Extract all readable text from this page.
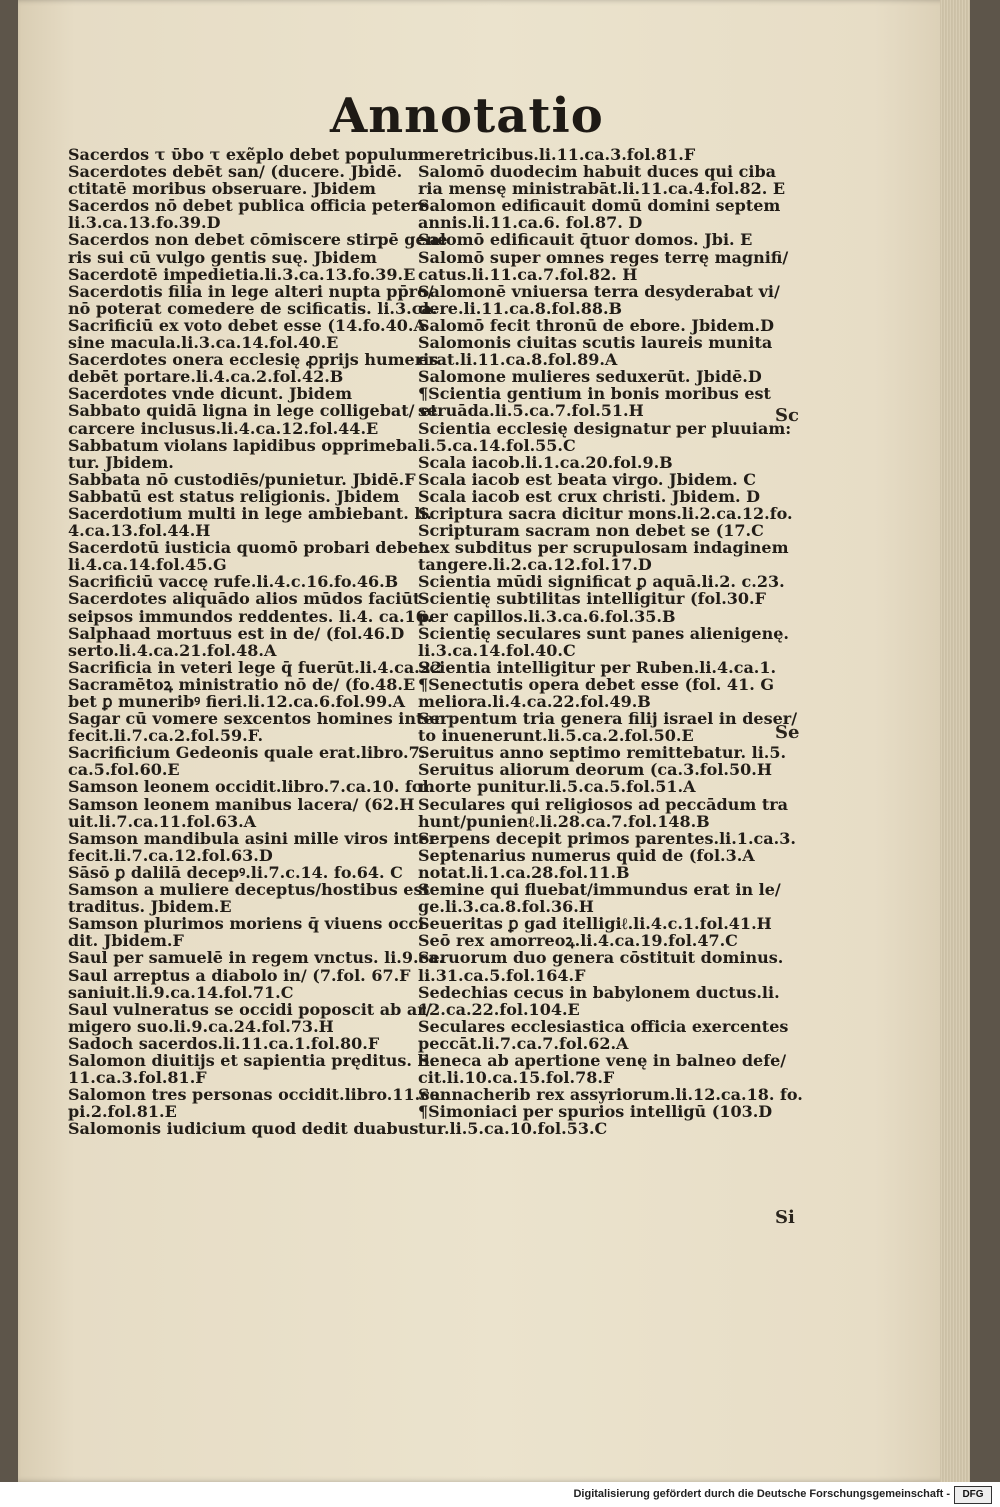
Annotatio
Sacerdos τ ῡbo τ exẽplo debet populum
Sacerdotes debēt san/ (ducere. Jbidē.
ctitatē moribus obseruare. Jbidem
Sacerdos nō debet publica officia petere.
li.3.ca.13.fo.39.D
Sacerdos non debet cōmiscere stirpē gene
ris sui cū vulgo gentis suę. Jbidem
Sacerdotē impedietia.li.3.ca.13.fo.39.E
Sacerdotis filia in lege alteri nupta pp̄ro/
nō poterat comedere de scificatis. li.3.ca.
Sacrificiū ex voto debet esse (14.fo.40.A
sine macula.li.3.ca.14.fol.40.E
Sacerdotes onera ecclesię ꝓprijs humeris
debēt portare.li.4.ca.2.fol.42.B
Sacerdotes vnde dicunt. Jbidem
Sabbato quidā ligna in lege colligebat/ et
carcere inclusus.li.4.ca.12.fol.44.E
Sabbatum violans lapidibus opprimeba
tur. Jbidem.
Sabbata nō custodiēs/punietur. Jbidē.F
Sabbatū est status religionis. Jbidem
Sacerdotium multi in lege ambiebant. li.
4.ca.13.fol.44.H
Sacerdotū iusticia quomō probari debet.
li.4.ca.14.fol.45.G
Sacrificiū vaccę rufe.li.4.c.16.fo.46.B
Sacerdotes aliquādo alios mūdos faciūt
seipsos immundos reddentes. li.4. ca.16.
Salphaad mortuus est in de/ (fol.46.D
serto.li.4.ca.21.fol.48.A
Sacrificia in veteri lege q̄ fuerūt.li.4.ca.22
Sacramētoꝝ ministratio nō de/ (fo.48.E
bet ꝑ muneribꝰ fieri.li.12.ca.6.fol.99.A
Sagar cū vomere sexcentos homines inter
fecit.li.7.ca.2.fol.59.F.
Sacrificium Gedeonis quale erat.libro.7.
ca.5.fol.60.E
Samson leonem occidit.libro.7.ca.10. fol.
Samson leonem manibus lacera/ (62.H
uit.li.7.ca.11.fol.63.A
Samson mandibula asini mille viros inter
fecit.li.7.ca.12.fol.63.D
Sāsō ꝑ dalilā decepꝰ.li.7.c.14. fo.64. C
Samson a muliere deceptus/hostibus est
traditus. Jbidem.E
Samson plurimos moriens q̄ viuens occi
dit. Jbidem.F
Saul per samuelē in regem vnctus. li.9.ca.
Saul arreptus a diabolo in/ (7.fol. 67.F
saniuit.li.9.ca.14.fol.71.C
Saul vulneratus se occidi poposcit ab ar/
migero suo.li.9.ca.24.fol.73.H
Sadoch sacerdos.li.11.ca.1.fol.80.F
Salomon diuitijs et sapientia pręditus. li.
11.ca.3.fol.81.F
Salomon tres personas occidit.libro.11.ca
pi.2.fol.81.E
Salomonis iudicium quod dedit duabus
meretricibus.li.11.ca.3.fol.81.F
Salomō duodecim habuit duces qui ciba
ria mensę ministrabāt.li.11.ca.4.fol.82. E
Salomon edificauit domū domini septem
annis.li.11.ca.6. fol.87. D
Salomō edificauit q̄tuor domos. Jbi. E
Salomō super omnes reges terrę magnifi/
catus.li.11.ca.7.fol.82. H
Salomonē vniuersa terra desyderabat vi/
dere.li.11.ca.8.fol.88.B
Salomō fecit thronū de ebore. Jbidem.D
Salomonis ciuitas scutis laureis munita
erat.li.11.ca.8.fol.89.A
Salomone mulieres seduxerūt. Jbidē.D
¶Scientia gentium in bonis moribus est
seruāda.li.5.ca.7.fol.51.H
Scientia ecclesię designatur per pluuiam:
li.5.ca.14.fol.55.C
Scala iacob.li.1.ca.20.fol.9.B
Scala iacob est beata virgo. Jbidem. C
Scala iacob est crux christi. Jbidem. D
Scriptura sacra dicitur mons.li.2.ca.12.fo.
Scripturam sacram non debet se (17.C
nex subditus per scrupulosam indaginem
tangere.li.2.ca.12.fol.17.D
Scientia mūdi significat ꝑ aquā.li.2. c.23.
Scientię subtilitas intelligitur (fol.30.F
per capillos.li.3.ca.6.fol.35.B
Scientię seculares sunt panes alienigenę.
li.3.ca.14.fol.40.C
Scientia intelligitur per Ruben.li.4.ca.1.
¶Senectutis opera debet esse (fol. 41. G
meliora.li.4.ca.22.fol.49.B
Serpentum tria genera filij israel in deser/
to inuenerunt.li.5.ca.2.fol.50.E
Seruitus anno septimo remittebatur. li.5.
Seruitus aliorum deorum (ca.3.fol.50.H
morte punitur.li.5.ca.5.fol.51.A
Seculares qui religiosos ad peccādum tra
hunt/punienℓ.li.28.ca.7.fol.148.B
Serpens decepit primos parentes.li.1.ca.3.
Septenarius numerus quid de (fol.3.A
notat.li.1.ca.28.fol.11.B
Semine qui fluebat/immundus erat in le/
ge.li.3.ca.8.fol.36.H
Seueritas ꝑ gad itelligiℓ.li.4.c.1.fol.41.H
Seō rex amorreoꝝ.li.4.ca.19.fol.47.C
Seruorum duo genera cōstituit dominus.
li.31.ca.5.fol.164.F
Sedechias cecus in babylonem ductus.li.
12.ca.22.fol.104.E
Seculares ecclesiastica officia exercentes
peccāt.li.7.ca.7.fol.62.A
Seneca ab apertione venę in balneo defe/
cit.li.10.ca.15.fol.78.F
Sennacherib rex assyriorum.li.12.ca.18. fo.
¶Simoniaci per spurios intelligū (103.D
tur.li.5.ca.10.fol.53.C
Sc
Se
Si
Digitalisierung gefördert durch die Deutsche Forschungsgemeinschaft -	DFG
